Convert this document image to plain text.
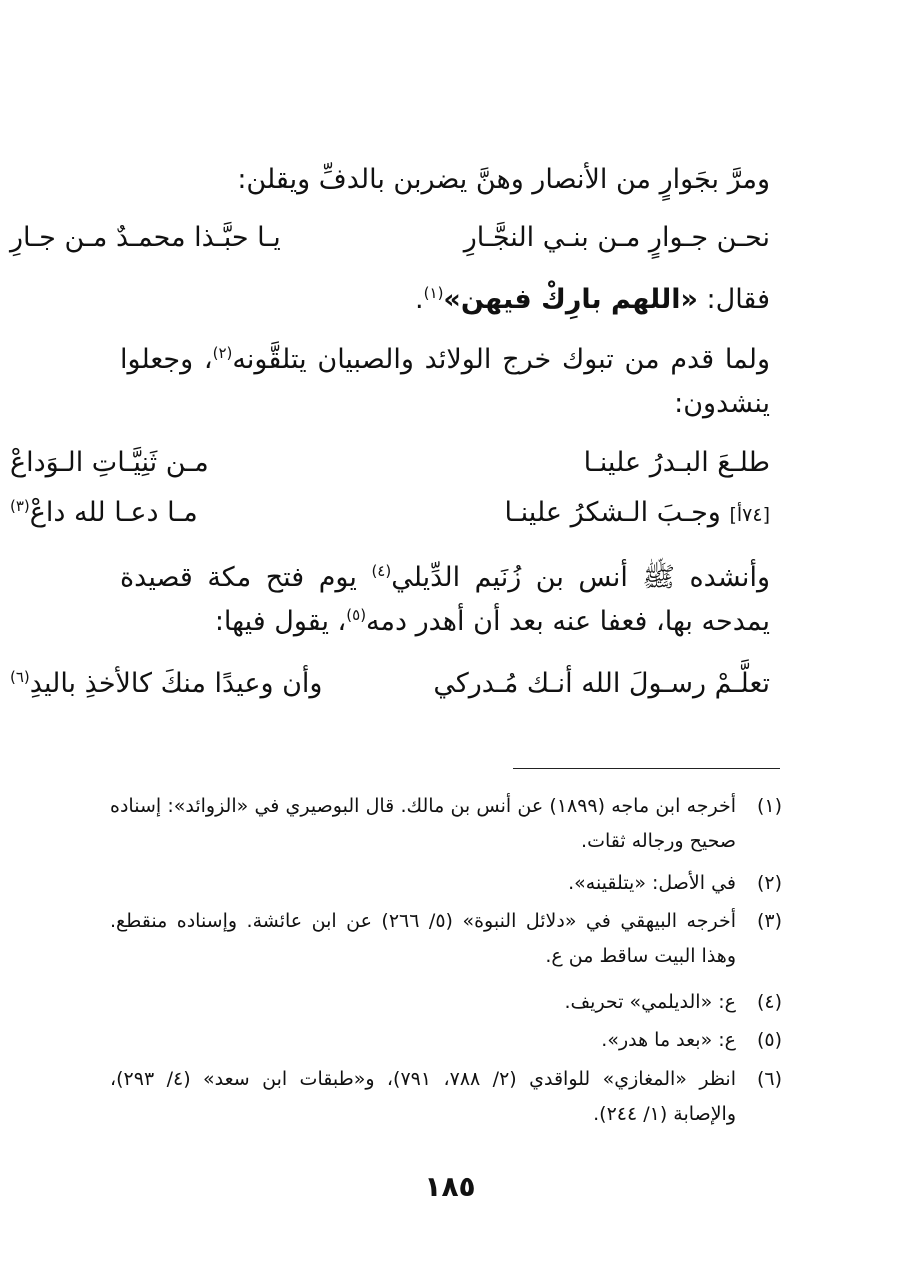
ومرَّ بجَوارٍ من الأنصار وهنَّ يضربن بالدفِّ ويقلن:
نحـن جـوارٍ مـن بنـي النجَّـارِ
يـا حبَّـذا محمـدٌ مـن جـارِ
فقال: «اللهم بارِكْ فيهن»$^{(١)}$.
ولما قدم من تبوك خرج الولائد والصبيان يتلقَّونه$^{(٢)}$، وجعلوا ينشدون:
طلـعَ البـدرُ علينـا
مـن ثَنِيَّـاتِ الـوَداعْ
[٧٤أ] وجـبَ الـشكرُ علينـا
مـا دعـا لله داعْ$^{(٣)}$
وأنشده ﷺ أنس بن زُنَيم الدِّيلي$^{(٤)}$ يوم فتح مكة قصيدة يمدحه بها، فعفا عنه بعد أن أهدر دمه$^{(٥)}$، يقول فيها:
تعلَّـمْ رسـولَ الله أنـك مُـدركي
وأن وعيدًا منكَ كالأخذِ باليدِ$^{(٦)}$
(١)
أخرجه ابن ماجه (١٨٩٩) عن أنس بن مالك. قال البوصيري في «الزوائد»: إسناده صحيح ورجاله ثقات.
(٢)
في الأصل: «يتلقينه».
(٣)
أخرجه البيهقي في «دلائل النبوة» (٥/ ٢٦٦) عن ابن عائشة. وإسناده منقطع. وهذا البيت ساقط من ع.
(٤)
ع: «الديلمي» تحريف.
(٥)
ع: «بعد ما هدر».
(٦)
انظر «المغازي» للواقدي (٢/ ٧٨٨، ٧٩١)، و«طبقات ابن سعد» (٤/ ٢٩٣)، والإصابة (١/ ٢٤٤).
١٨٥
